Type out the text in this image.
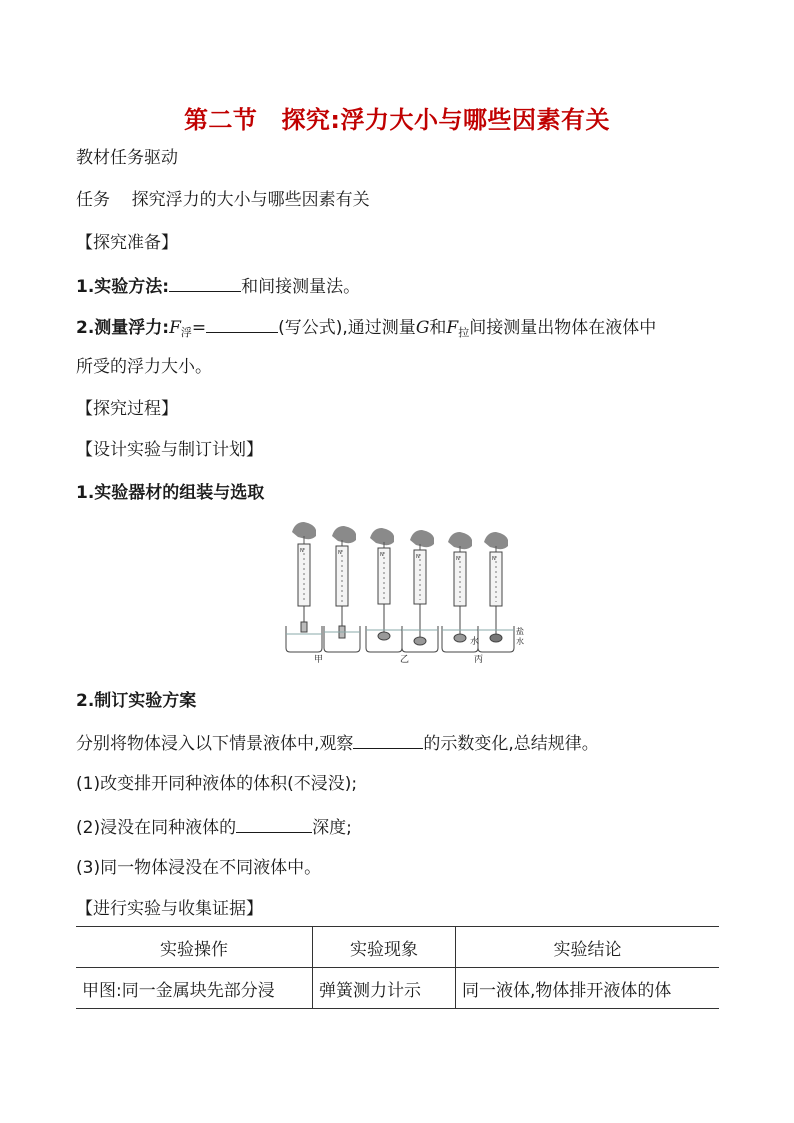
第二节 探究:浮力大小与哪些因素有关
教材任务驱动
任务    探究浮力的大小与哪些因素有关
【探究准备】
1.实验方法:	和间接测量法。
2.测量浮力$:F_浮=$	(写公式),通过测量G和$F_拉$间接测量出物体在液体中
所受的浮力大小。
【探究过程】
【设计实验与制订计划】
1.实验器材的组装与选取
N	N	N	N	N	N
水
盐
水
甲	乙	丙
2.制订实验方案
分别将物体浸入以下情景液体中,观察	的示数变化,总结规律。
(1)改变排开同种液体的体积(不浸没);
(2)浸没在同种液体的	深度;
(3)同一物体浸没在不同液体中。
【进行实验与收集证据】
实验操作	实验现象	实验结论
甲图:同一金属块先部分浸	弹簧测力计示	同一液体,物体排开液体的体
